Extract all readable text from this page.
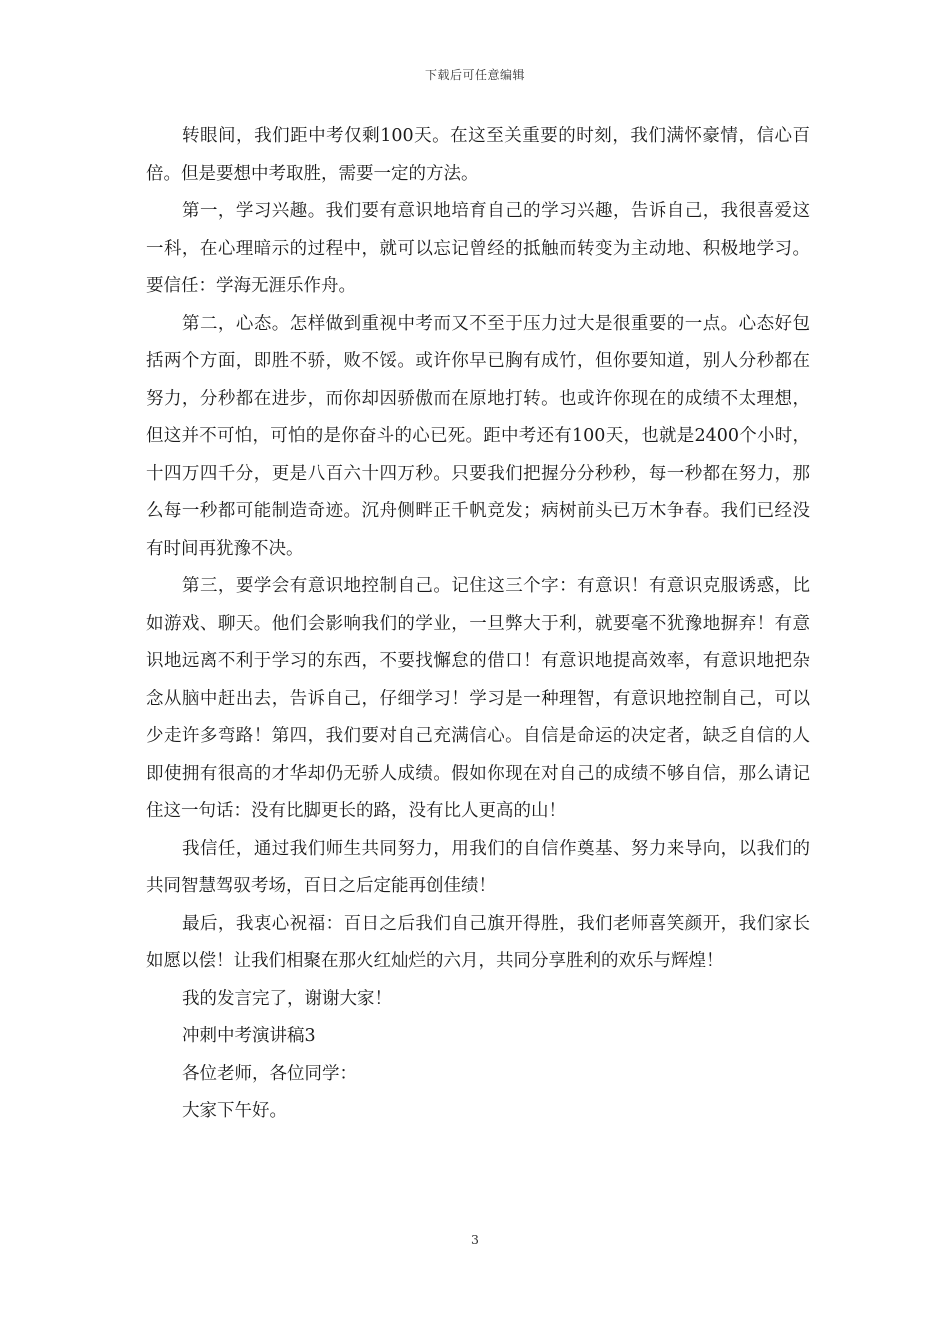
下载后可任意编辑

转眼间，我们距中考仅剩100天。在这至关重要的时刻，我们满怀豪情，信心百倍。但是要想中考取胜，需要一定的方法。

第一，学习兴趣。我们要有意识地培育自己的学习兴趣，告诉自己，我很喜爱这一科，在心理暗示的过程中，就可以忘记曾经的抵触而转变为主动地、积极地学习。要信任：学海无涯乐作舟。

第二，心态。怎样做到重视中考而又不至于压力过大是很重要的一点。心态好包括两个方面，即胜不骄，败不馁。或许你早已胸有成竹，但你要知道，别人分秒都在努力，分秒都在进步，而你却因骄傲而在原地打转。也或许你现在的成绩不太理想，但这并不可怕，可怕的是你奋斗的心已死。距中考还有100天，也就是2400个小时，十四万四千分，更是八百六十四万秒。只要我们把握分分秒秒，每一秒都在努力，那么每一秒都可能制造奇迹。沉舟侧畔正千帆竞发；病树前头已万木争春。我们已经没有时间再犹豫不决。

第三，要学会有意识地控制自己。记住这三个字：有意识！有意识克服诱惑，比如游戏、聊天。他们会影响我们的学业，一旦弊大于利，就要毫不犹豫地摒弃！有意识地远离不利于学习的东西，不要找懈怠的借口！有意识地提高效率，有意识地把杂念从脑中赶出去，告诉自己，仔细学习！学习是一种理智，有意识地控制自己，可以少走许多弯路！第四，我们要对自己充满信心。自信是命运的决定者，缺乏自信的人即使拥有很高的才华却仍无骄人成绩。假如你现在对自己的成绩不够自信，那么请记住这一句话：没有比脚更长的路，没有比人更高的山！

我信任，通过我们师生共同努力，用我们的自信作奠基、努力来导向，以我们的共同智慧驾驭考场，百日之后定能再创佳绩！

最后，我衷心祝福：百日之后我们自己旗开得胜，我们老师喜笑颜开，我们家长如愿以偿！让我们相聚在那火红灿烂的六月，共同分享胜利的欢乐与辉煌！

我的发言完了，谢谢大家！

冲刺中考演讲稿3

各位老师，各位同学：

大家下午好。

3
